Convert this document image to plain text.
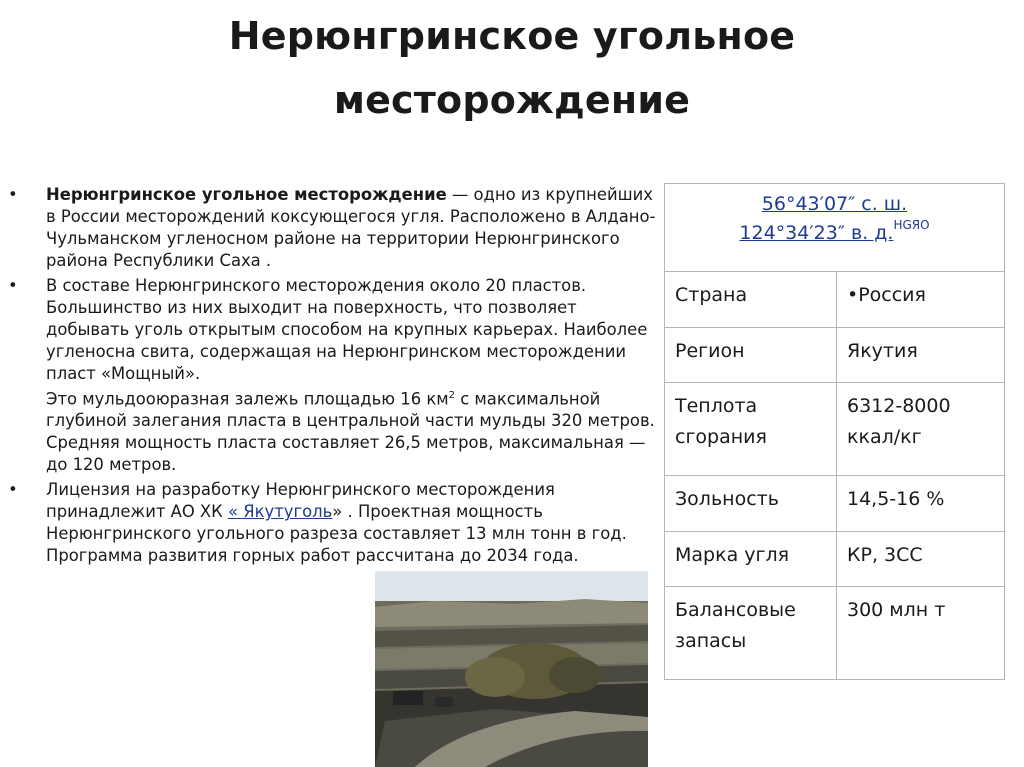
Нерюнгринское угольное
месторождение
•	Нерюнгринское угольное месторождение — одно из крупнейших в России месторождений коксующегося угля. Расположено в Алдано-Чульманском угленосном районе на территории Нерюнгринского района Республики Саха .

•	В составе Нерюнгринского месторождения около 20 пластов. Большинство из них выходит на поверхность, что позволяет добывать уголь открытым способом на крупных карьерах. Наиболее угленосна свита, содержащая на Нерюнгринском месторождении пласт «Мощный».
Это мульдооюразная залежь площадью 16 $км^2$ с максимальной глубиной залегания пласта в центральной части мульды 320 метров. Средняя мощность пласта составляет 26,5 метров, максимальная — до 120 метров.

•	Лицензия на разработку Нерюнгринского месторождения принадлежит АО ХК « Якутуголь» . Проектная мощность Нерюнгринского угольного разреза составляет 13 млн тонн в год. Программа развития горных работ рассчитана до 2034 года.

56°43′07″ с. ш.
124°34′23″ в. д.$^{HGЯO}$
Страна	•Россия
Регион	Якутия
Теплота сгорания	6312-8000 ккал/кг
Зольность	14,5-16 %
Марка угля	КР, 3СС
Балансовые запасы	300 млн т
